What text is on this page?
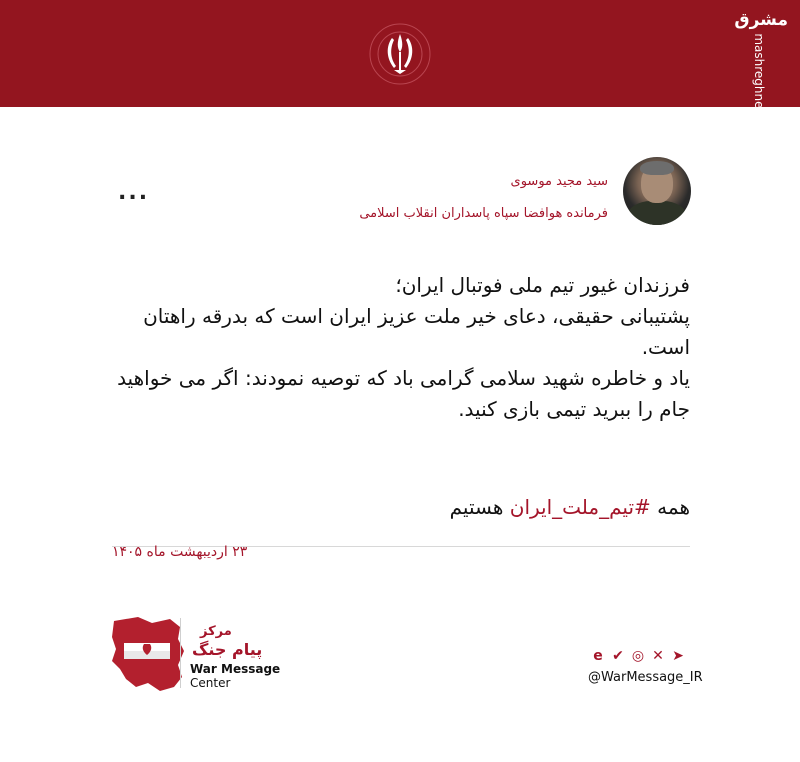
مشرق
mashreghnews.ir
سید مجید موسوی
فرمانده هوافضا سپاه پاسداران انقلاب اسلامی
...

فرزندان غیور تیم ملی فوتبال ایران؛

پشتیبانی حقیقی، دعای خیر ملت عزیز ایران است که بدرقه راهتان است.

یاد و خاطره شهید سلامی گرامی باد که توصیه نمودند: اگر می خواهید جام را ببرید تیمی بازی کنید.

همه #تیم_ملت_ایران هستیم
۲۳ اردیبهشت ماه ۱۴۰۵
مرکز
پیام جنگ
War Message
Center
e ✔ ◎ ✕ ➤
@WarMessage_IR
